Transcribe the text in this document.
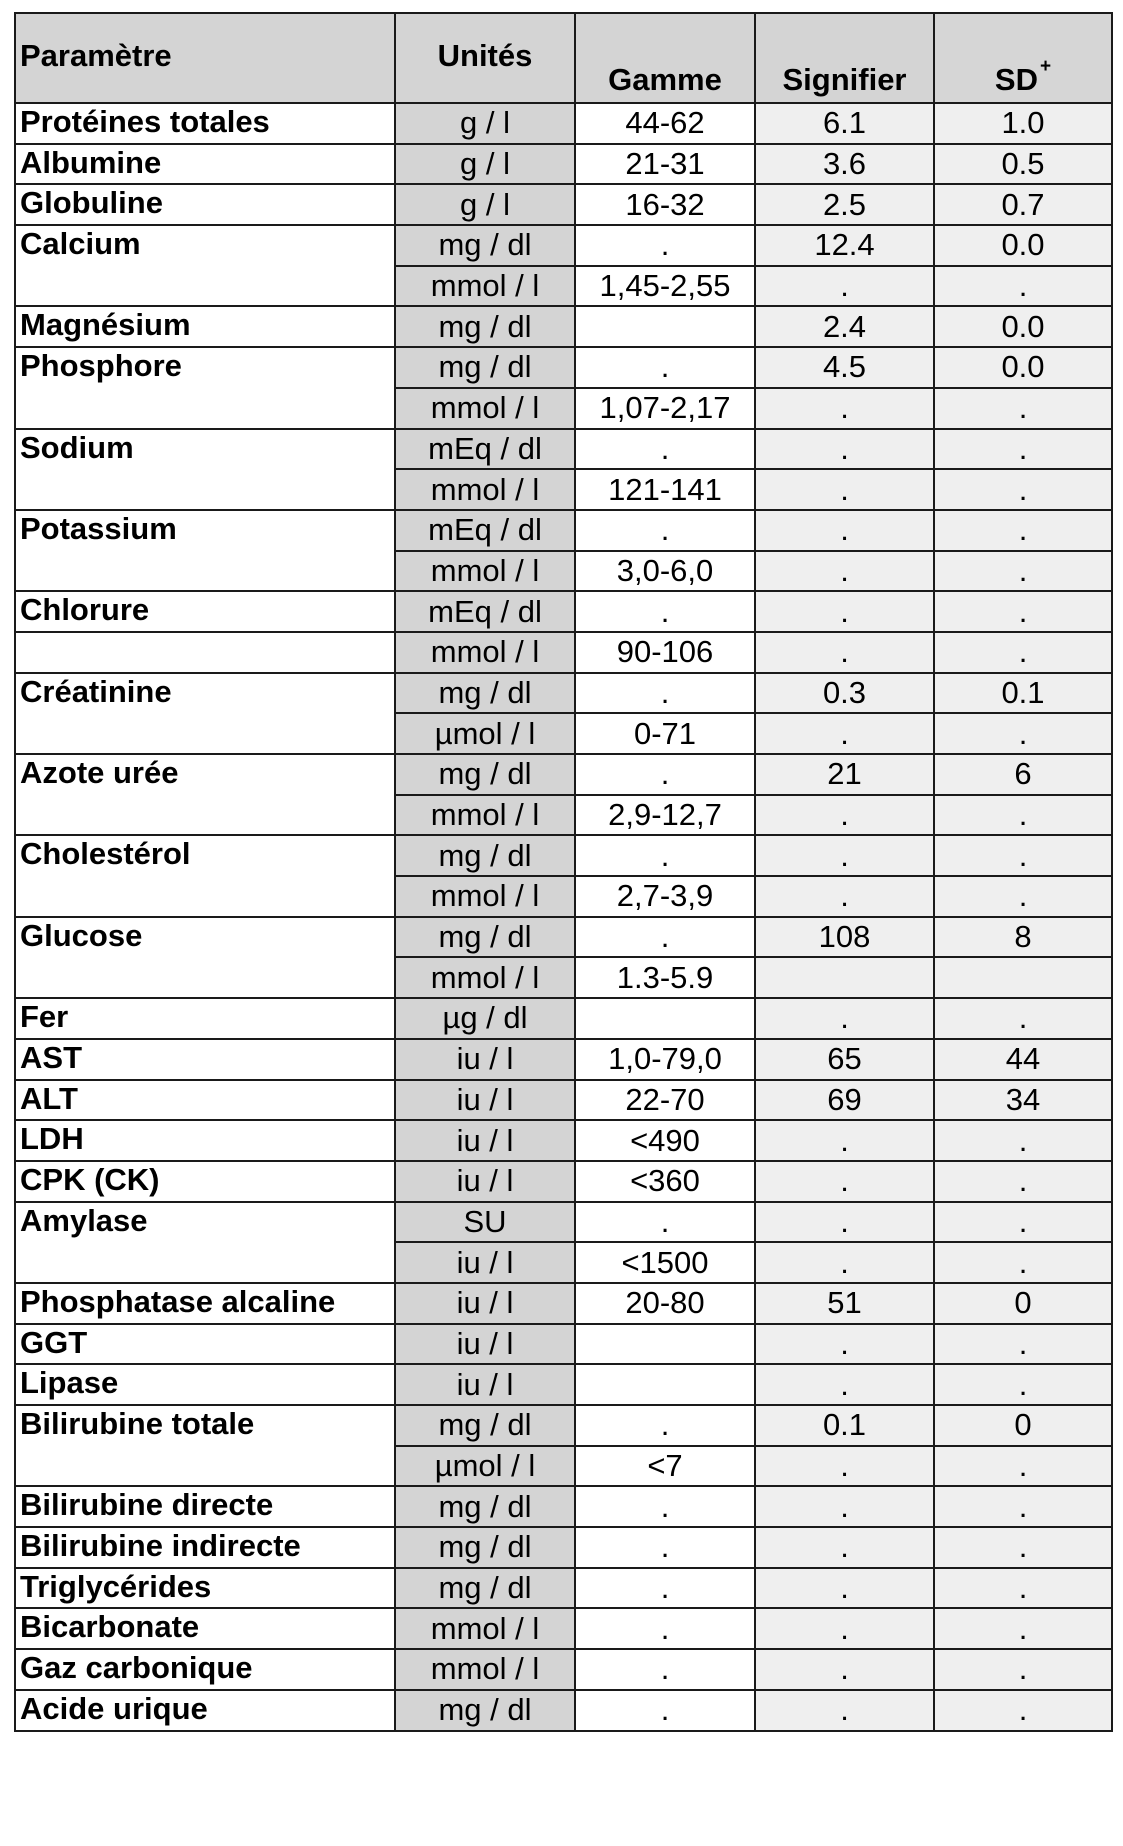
Paramètre	Unités	Gamme	Signifier	SD +
Protéines totales	g / l	44-62	6.1	1.0
Albumine	g / l	21-31	3.6	0.5
Globuline	g / l	16-32	2.5	0.7
Calcium	mg / dl	.	12.4	0.0
	mmol / l	1,45-2,55	.	.
Magnésium	mg / dl		2.4	0.0
Phosphore	mg / dl	.	4.5	0.0
	mmol / l	1,07-2,17	.	.
Sodium	mEq / dl	.	.	.
	mmol / l	121-141	.	.
Potassium	mEq / dl	.	.	.
	mmol / l	3,0-6,0	.	.
Chlorure	mEq / dl	.	.	.
	mmol / l	90-106	.	.
Créatinine	mg / dl	.	0.3	0.1
	µmol / l	0-71	.	.
Azote urée	mg / dl	.	21	6
	mmol / l	2,9-12,7	.	.
Cholestérol	mg / dl	.	.	.
	mmol / l	2,7-3,9	.	.
Glucose	mg / dl	.	108	8
	mmol / l	1.3-5.9		
Fer	µg / dl		.	.
AST	iu / l	1,0-79,0	65	44
ALT	iu / l	22-70	69	34
LDH	iu / l	<490	.	.
CPK (CK)	iu / l	<360	.	.
Amylase	SU	.	.	.
	iu / l	<1500	.	.
Phosphatase alcaline	iu / l	20-80	51	0
GGT	iu / l		.	.
Lipase	iu / l		.	.
Bilirubine totale	mg / dl	.	0.1	0
	µmol / l	<7	.	.
Bilirubine directe	mg / dl	.	.	.
Bilirubine indirecte	mg / dl	.	.	.
Triglycérides	mg / dl	.	.	.
Bicarbonate	mmol / l	.	.	.
Gaz carbonique	mmol / l	.	.	.
Acide urique	mg / dl	.	.	.
